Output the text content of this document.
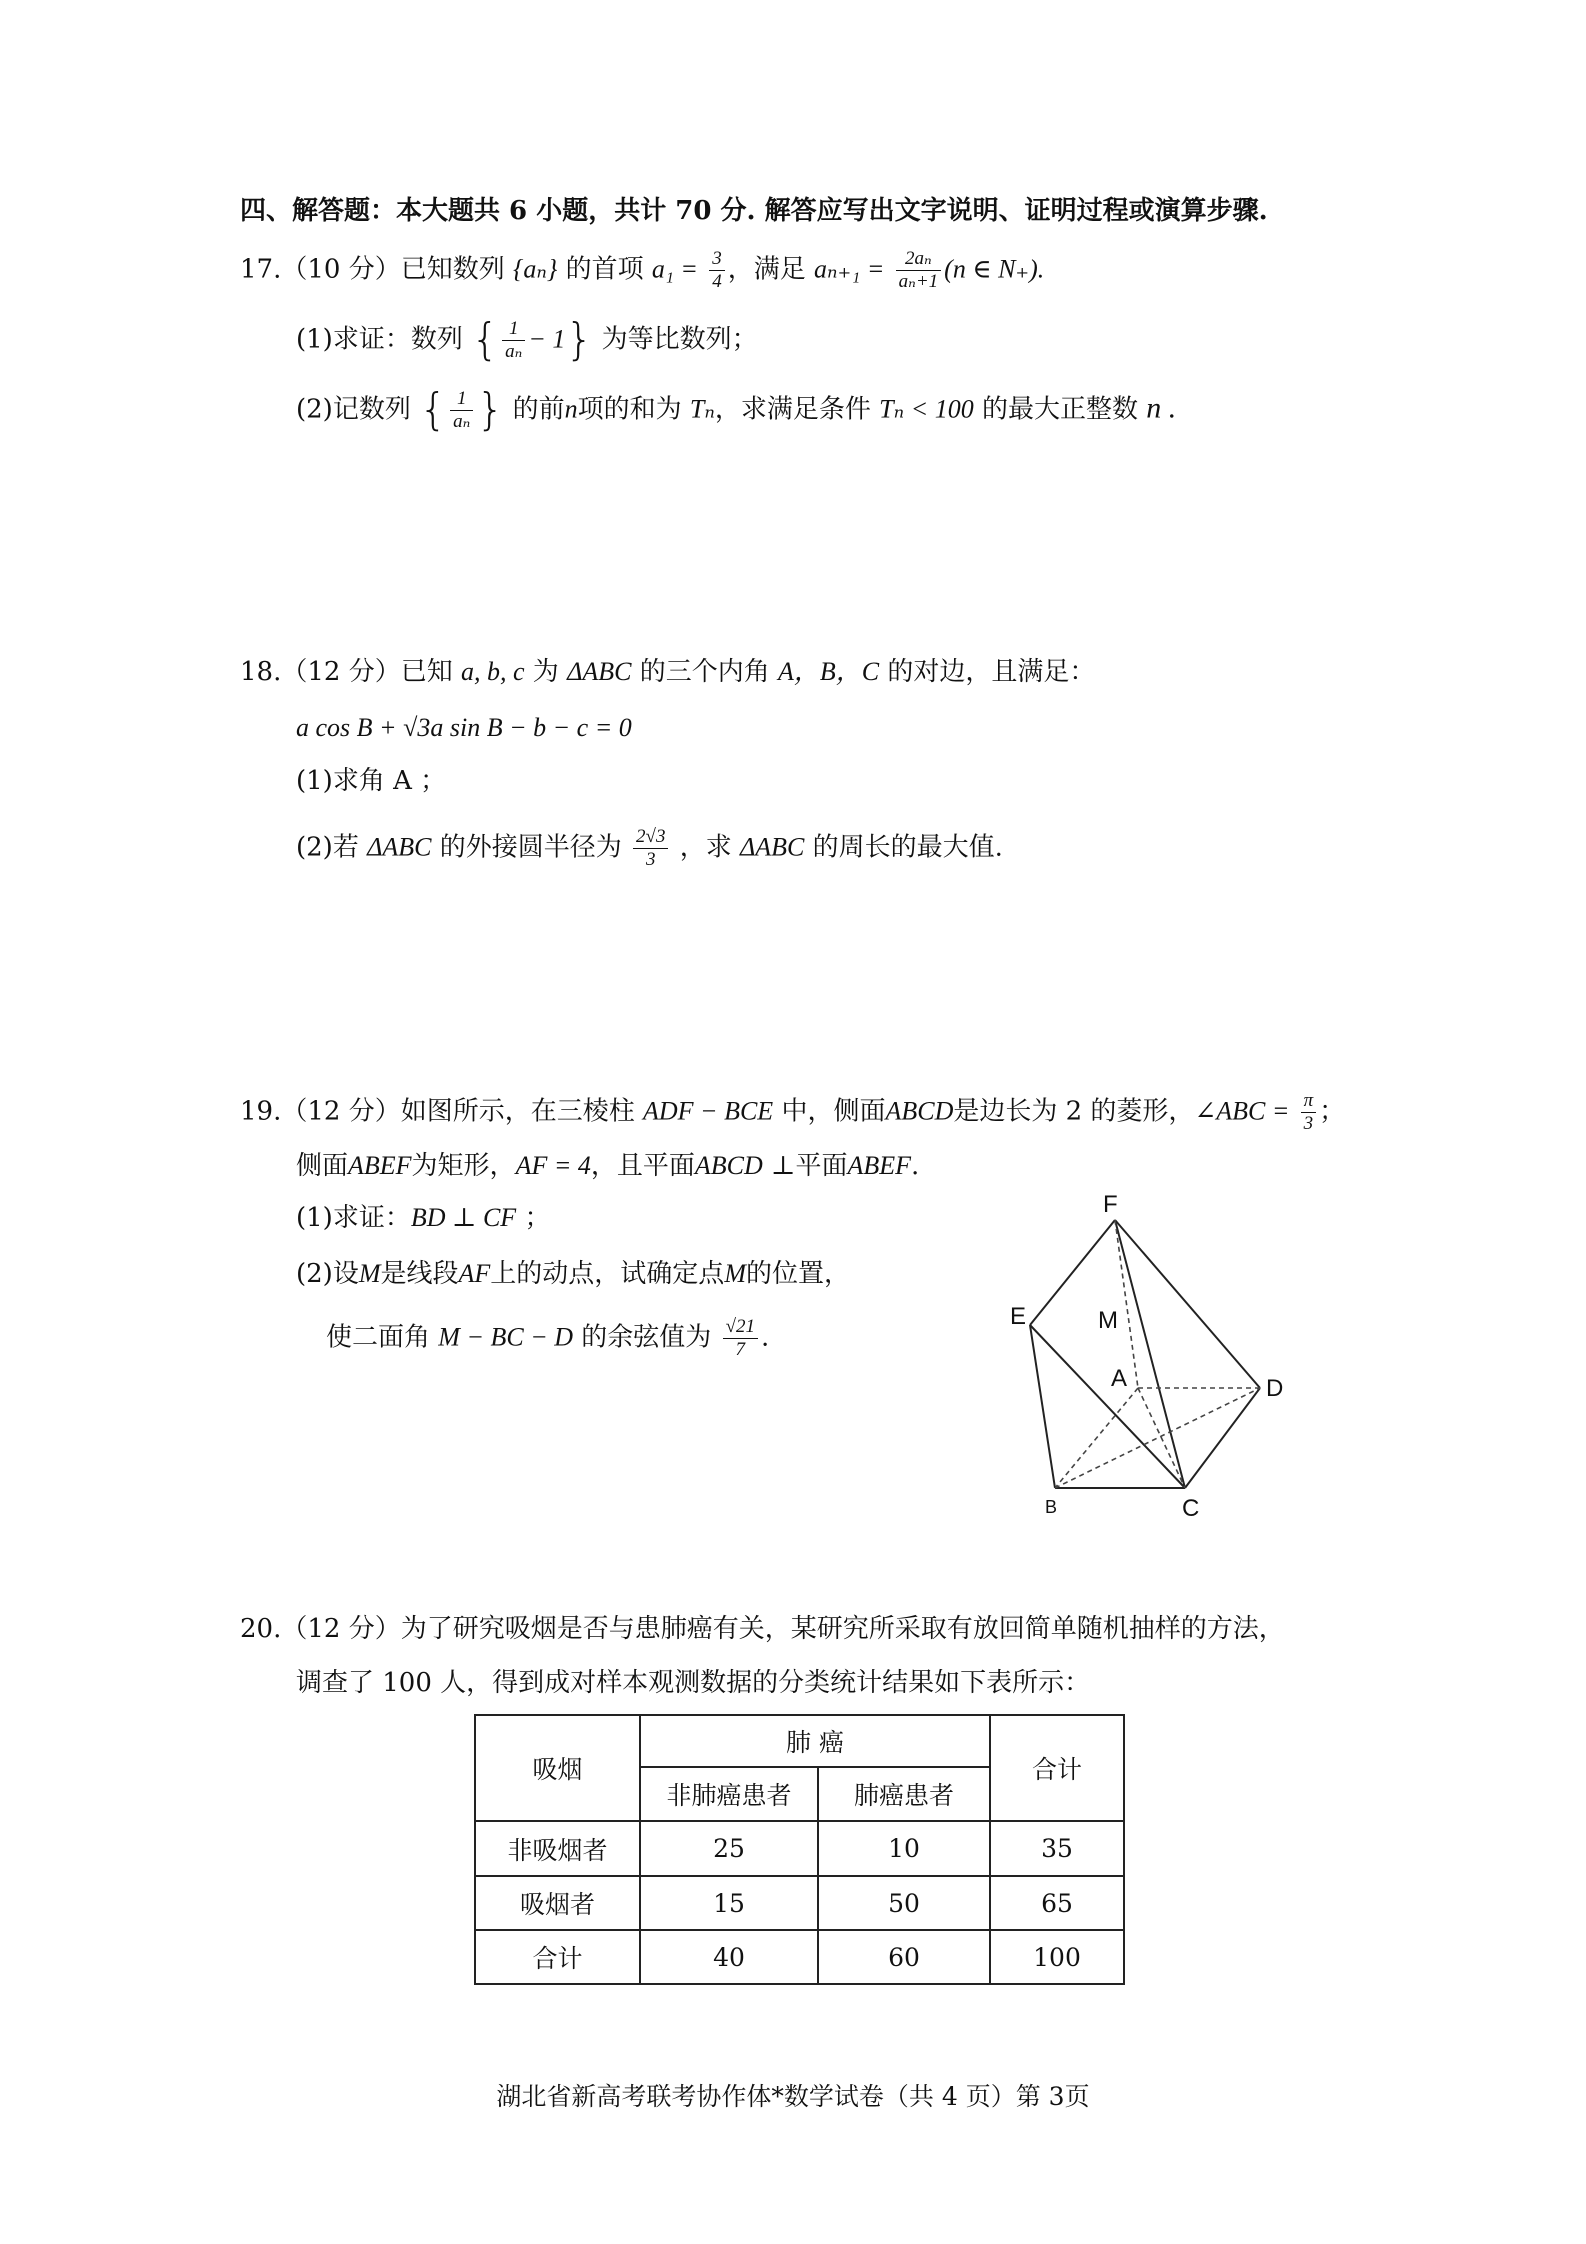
四、解答题：本大题共 6 小题，共计 70 分. 解答应写出文字说明、证明过程或演算步骤.
17.（10 分）已知数列 {aₙ} 的首项 $a_1 = \frac{3}{4}$ ，满足 $a_{n+1} = \frac{\text{2aₙ}}{\text{aₙ+1}} (n$ ∈ N₊).
(1)求证：数列 { $\frac{1}{\text{aₙ}} - 1$} 为等比数列；
(2)记数列 { $\frac{1}{\text{aₙ}}$ } 的前n项的和为 Tₙ，求满足条件 Tₙ < 100 的最大正整数 n .
18.（12 分）已知 a, b, c 为 ΔABC 的三个内角 A，B，C 的对边，且满足：
a cos B + √3a sin B − b − c = 0
(1)求角 A ；
(2)若 ΔABC 的外接圆半径为 $\frac{2√3}{3}$ ，求 ΔABC 的周长的最大值.
19.（12 分）如图所示，在三棱柱 ADF − BCE 中，侧面ABCD是边长为 2 的菱形，∠ABC = $\frac{\pi}{3}$ ；
侧面ABEF为矩形，AF = 4，且平面ABCD ⊥平面ABEF.
(1)求证：BD ⊥ CF ；
(2)设M是线段AF上的动点，试确定点M的位置，
使二面角 M − BC − D 的余弦值为 $\frac{√21}{7}$ .
F
E	M
A	D
B	C
20.（12 分）为了研究吸烟是否与患肺癌有关，某研究所采取有放回简单随机抽样的方法，
调查了 100 人，得到成对样本观测数据的分类统计结果如下表所示：
吸烟	肺 癌		合计
	非肺癌患者	肺癌患者	
非吸烟者	25	10	35
吸烟者	15	50	65
合计	40	60	100
湖北省新高考联考协作体*数学试卷（共 4 页）第 3页
